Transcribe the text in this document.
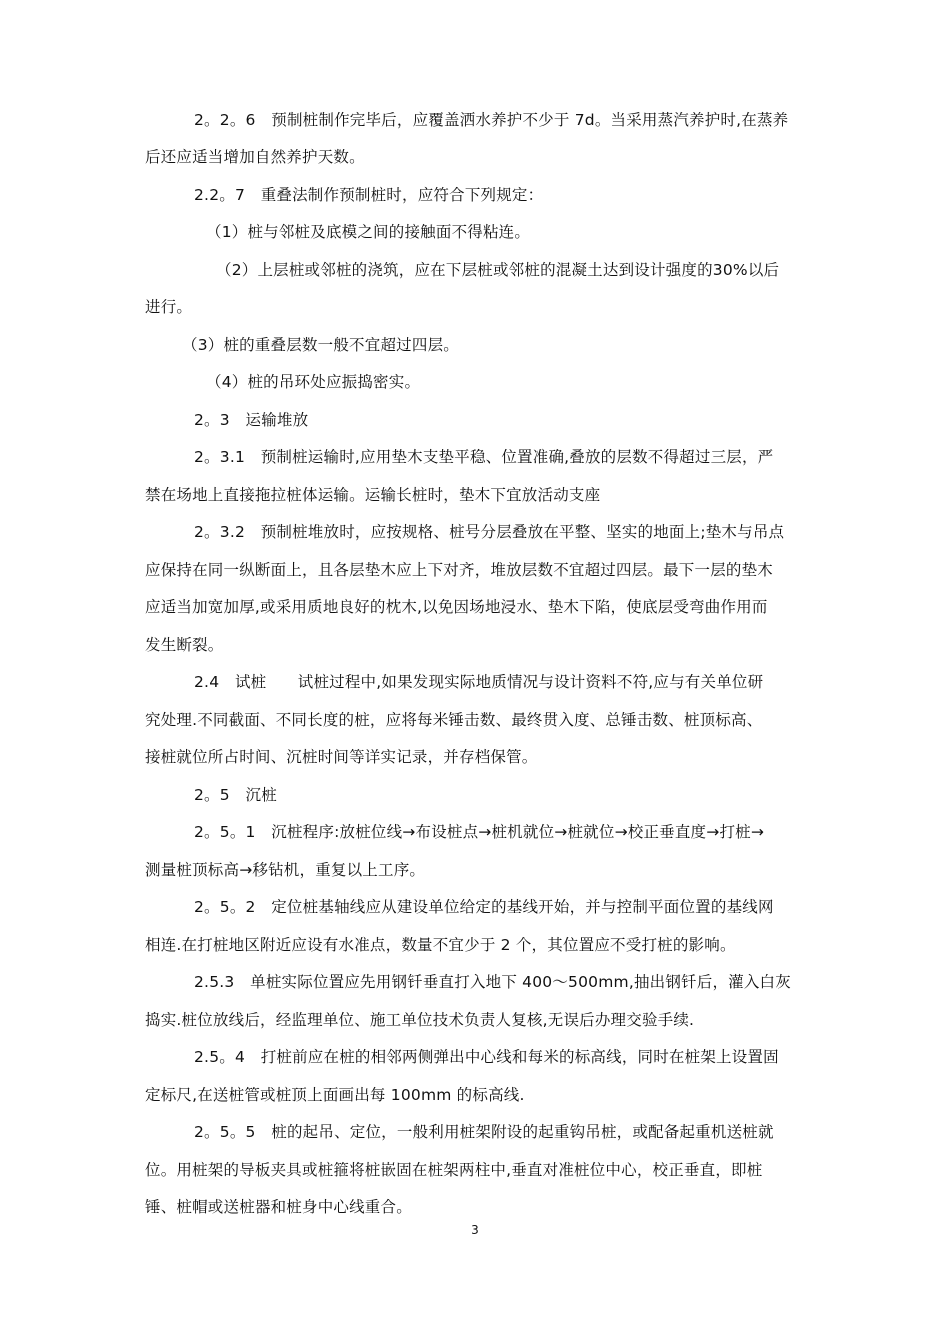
2。2。6　预制桩制作完毕后，应覆盖洒水养护不少于 7d。当采用蒸汽养护时,在蒸养
后还应适当增加自然养护天数。
2.2。7　重叠法制作预制桩时，应符合下列规定：
（1）桩与邻桩及底模之间的接触面不得粘连。
（2）上层桩或邻桩的浇筑，应在下层桩或邻桩的混凝土达到设计强度的30%以后
进行。
（3）桩的重叠层数一般不宜超过四层。
（4）桩的吊环处应振捣密实。
2。3　运输堆放
2。3.1　预制桩运输时,应用垫木支垫平稳、位置准确,叠放的层数不得超过三层，严
禁在场地上直接拖拉桩体运输。运输长桩时，垫木下宜放活动支座
2。3.2　预制桩堆放时，应按规格、桩号分层叠放在平整、坚实的地面上;垫木与吊点
应保持在同一纵断面上，且各层垫木应上下对齐，堆放层数不宜超过四层。最下一层的垫木
应适当加宽加厚,或采用质地良好的枕木,以免因场地浸水、垫木下陷，使底层受弯曲作用而
发生断裂。
2.4　试桩　　试桩过程中,如果发现实际地质情况与设计资料不符,应与有关单位研
究处理.不同截面、不同长度的桩，应将每米锤击数、最终贯入度、总锤击数、桩顶标高、
接桩就位所占时间、沉桩时间等详实记录，并存档保管。
2。5　沉桩
2。5。1　沉桩程序:放桩位线→布设桩点→桩机就位→桩就位→校正垂直度→打桩→
测量桩顶标高→移钻机，重复以上工序。
2。5。2　定位桩基轴线应从建设单位给定的基线开始，并与控制平面位置的基线网
相连.在打桩地区附近应设有水准点，数量不宜少于 2 个，其位置应不受打桩的影响。
2.5.3　单桩实际位置应先用钢钎垂直打入地下 400～500mm,抽出钢钎后，灌入白灰
捣实.桩位放线后，经监理单位、施工单位技术负责人复核,无误后办理交验手续.
2.5。4　打桩前应在桩的相邻两侧弹出中心线和每米的标高线，同时在桩架上设置固
定标尺,在送桩管或桩顶上面画出每 100mm 的标高线.
2。5。5　桩的起吊、定位，一般利用桩架附设的起重钩吊桩，或配备起重机送桩就
位。用桩架的导板夹具或桩箍将桩嵌固在桩架两柱中,垂直对准桩位中心，校正垂直，即桩
锤、桩帽或送桩器和桩身中心线重合。
3
